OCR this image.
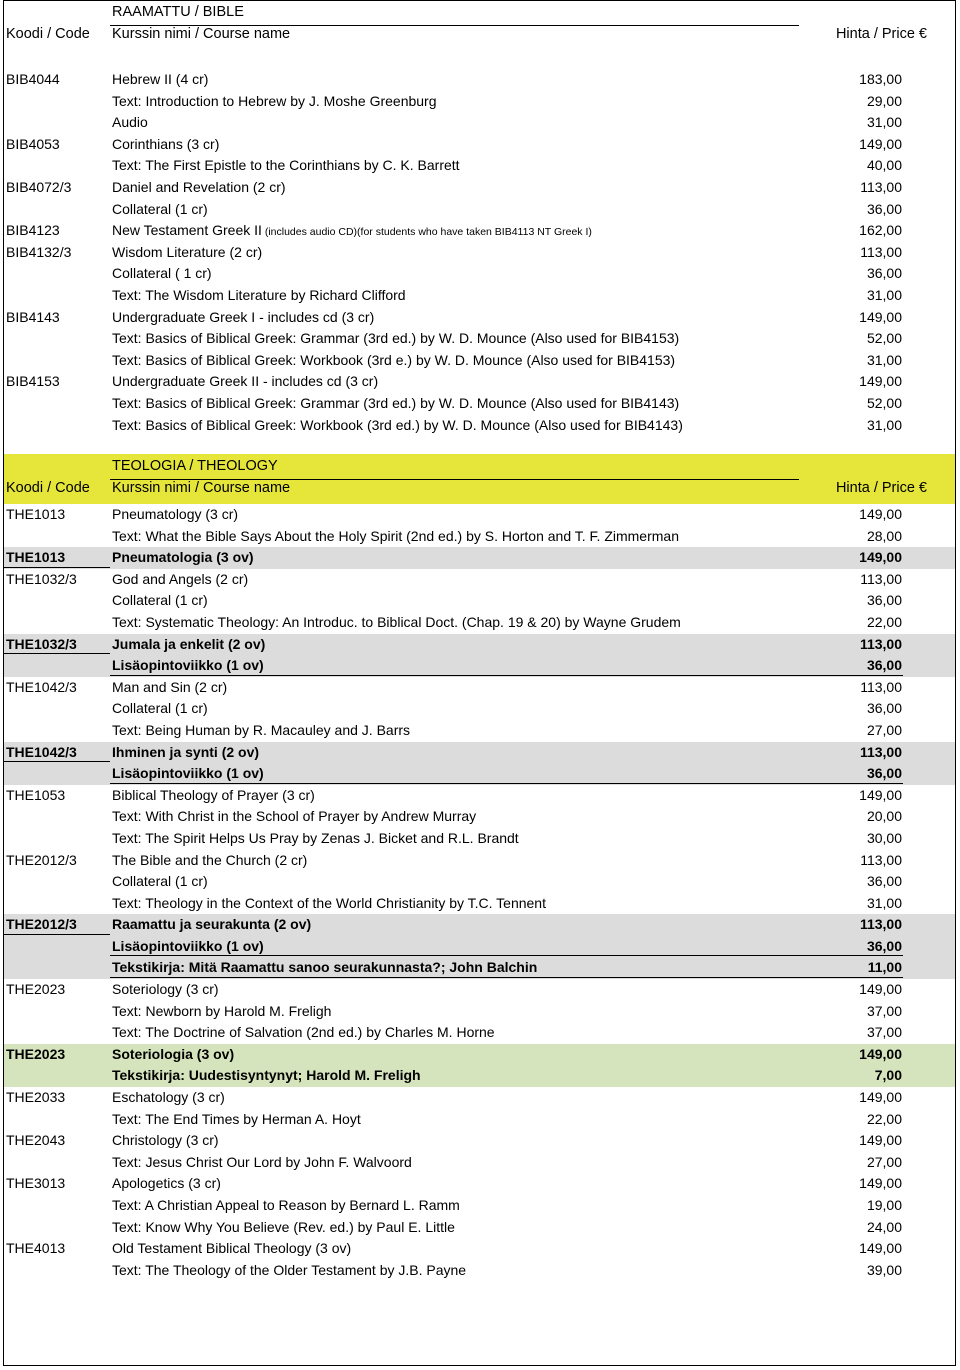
RAAMATTU / BIBLE
Koodi / Code Kurssin nimi / Course name	Hinta / Price €
BIB4044	Hebrew II (4 cr)	183,00
Text: Introduction to Hebrew by J. Moshe Greenburg	29,00
Audio	31,00
BIB4053	Corinthians (3 cr)	149,00
Text: The First Epistle to the Corinthians by C. K. Barrett	40,00
BIB4072/3	Daniel and Revelation (2 cr)	113,00
Collateral (1 cr)	36,00
BIB4123	New Testament Greek II (includes audio CD)(for students who have taken BIB4113 NT Greek I)	162,00
BIB4132/3	Wisdom Literature (2 cr)	113,00
Collateral ( 1 cr)	36,00
Text: The Wisdom Literature by Richard Clifford	31,00
BIB4143	Undergraduate Greek I - includes cd (3 cr)	149,00
Text: Basics of Biblical Greek: Grammar (3rd ed.) by W. D. Mounce (Also used for BIB4153)	52,00
Text: Basics of Biblical Greek: Workbook (3rd e.) by W. D. Mounce (Also used for BIB4153)	31,00
BIB4153	Undergraduate Greek II - includes cd (3 cr)	149,00
Text: Basics of Biblical Greek: Grammar (3rd ed.) by W. D. Mounce (Also used for BIB4143)	52,00
Text: Basics of Biblical Greek: Workbook (3rd ed.) by W. D. Mounce (Also used for BIB4143)	31,00
TEOLOGIA / THEOLOGY
Koodi / Code Kurssin nimi / Course name	Hinta / Price €
THE1013	Pneumatology (3 cr)	149,00
Text: What the Bible Says About the Holy Spirit (2nd ed.) by S. Horton and T. F. Zimmerman	28,00
THE1013	Pneumatologia (3 ov)	149,00
THE1032/3	God and Angels (2 cr)	113,00
Collateral (1 cr)	36,00
Text: Systematic Theology: An Introduc. to Biblical Doct. (Chap. 19 & 20) by Wayne Grudem	22,00
THE1032/3	Jumala ja enkelit (2 ov)	113,00
Lisäopintoviikko (1 ov)	36,00
THE1042/3	Man and Sin (2 cr)	113,00
Collateral (1 cr)	36,00
Text: Being Human by R. Macauley and J. Barrs	27,00
THE1042/3	Ihminen ja synti (2 ov)	113,00
Lisäopintoviikko (1 ov)	36,00
THE1053	Biblical Theology of Prayer (3 cr)	149,00
Text: With Christ in the School of Prayer by Andrew Murray	20,00
Text: The Spirit Helps Us Pray by Zenas J. Bicket and R.L. Brandt	30,00
THE2012/3	The Bible and the Church (2 cr)	113,00
Collateral (1 cr)	36,00
Text: Theology in the Context of the World Christianity by T.C. Tennent	31,00
THE2012/3	Raamattu ja seurakunta (2 ov)	113,00
Lisäopintoviikko (1 ov)	36,00
Tekstikirja: Mitä Raamattu sanoo seurakunnasta?; John Balchin	11,00
THE2023	Soteriology (3 cr)	149,00
Text: Newborn by Harold M. Freligh	37,00
Text: The Doctrine of Salvation (2nd ed.) by Charles M. Horne	37,00
THE2023	Soteriologia (3 ov)	149,00
Tekstikirja: Uudestisyntynyt; Harold M. Freligh	7,00
THE2033	Eschatology (3 cr)	149,00
Text: The End Times by Herman A. Hoyt	22,00
THE2043	Christology (3 cr)	149,00
Text: Jesus Christ Our Lord by John F. Walvoord	27,00
THE3013	Apologetics (3 cr)	149,00
Text: A Christian Appeal to Reason by Bernard L. Ramm	19,00
Text: Know Why You Believe (Rev. ed.) by Paul E. Little	24,00
THE4013	Old Testament Biblical Theology (3 ov)	149,00
Text: The Theology of the Older Testament by J.B. Payne	39,00
